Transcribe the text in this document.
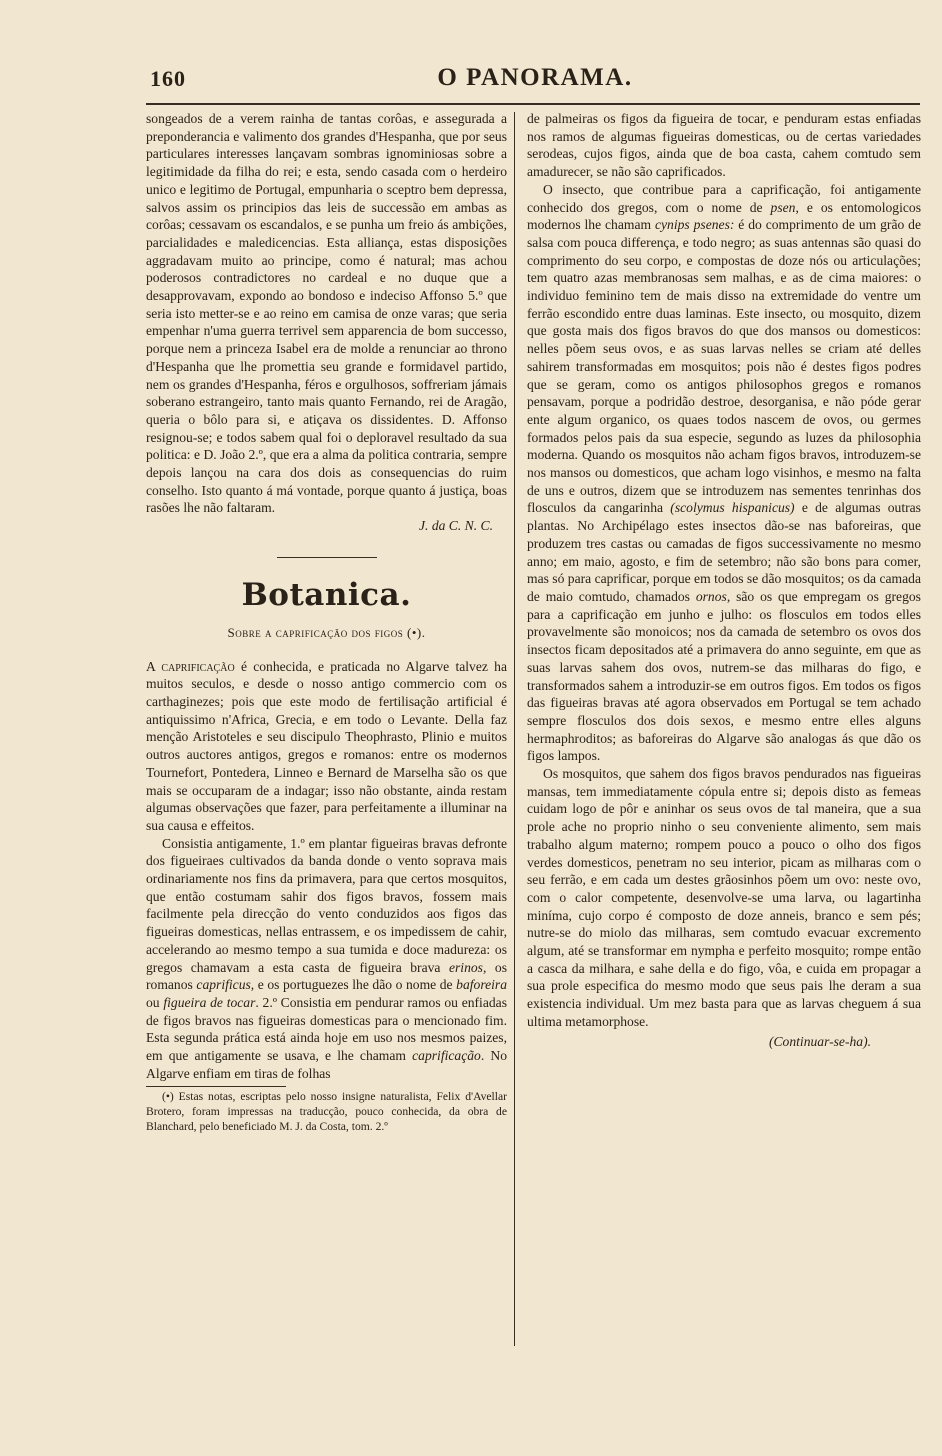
160	O PANORAMA.

songeados de a verem rainha de tantas corôas, e assegurada a preponderancia e valimento dos grandes d'Hespanha, que por seus particulares interesses lançavam sombras ignominiosas sobre a legitimidade da filha do rei; e esta, sendo casada com o herdeiro unico e legitimo de Portugal, empunharia o sceptro bem depressa, salvos assim os principios das leis de successão em ambas as corôas; cessavam os escandalos, e se punha um freio ás ambições, parcialidades e maledicencias. Esta alliança, estas disposições aggradavam muito ao principe, como é natural; mas achou poderosos contradictores no cardeal e no duque que a desapprovavam, expondo ao bondoso e indeciso Affonso 5.º que seria isto metter-se e ao reino em camisa de onze varas; que seria empenhar n'uma guerra terrivel sem apparencia de bom successo, porque nem a princeza Isabel era de molde a renunciar ao throno d'Hespanha que lhe promettia seu grande e formidavel partido, nem os grandes d'Hespanha, féros e orgulhosos, soffreriam jámais soberano estrangeiro, tanto mais quanto Fernando, rei de Aragão, queria o bôlo para si, e atiçava os dissidentes. D. Affonso resignou-se; e todos sabem qual foi o deploravel resultado da sua politica: e D. João 2.º, que era a alma da politica contraria, sempre depois lançou na cara dos dois as consequencias do ruim conselho. Isto quanto á má vontade, porque quanto á justiça, boas rasões lhe não faltaram.

J. da C. N. C.

Botanica.
Sobre a caprificação dos figos (•).

A caprificação é conhecida, e praticada no Algarve talvez ha muitos seculos, e desde o nosso antigo commercio com os carthaginezes; pois que este modo de fertilisação artificial é antiquissimo n'Africa, Grecia, e em todo o Levante. Della faz menção Aristoteles e seu discipulo Theophrasto, Plinio e muitos outros auctores antigos, gregos e romanos: entre os modernos Tournefort, Pontedera, Linneo e Bernard de Marselha são os que mais se occuparam de a indagar; isso não obstante, ainda restam algumas observações que fazer, para perfeitamente a illuminar na sua causa e effeitos.

Consistia antigamente, 1.º em plantar figueiras bravas defronte dos figueiraes cultivados da banda donde o vento soprava mais ordinariamente nos fins da primavera, para que certos mosquitos, que então costumam sahir dos figos bravos, fossem mais facilmente pela direcção do vento conduzidos aos figos das figueiras domesticas, nellas entrassem, e os impedissem de cahir, accelerando ao mesmo tempo a sua tumida e doce madureza: os gregos chamavam a esta casta de figueira brava erinos, os romanos caprificus, e os portuguezes lhe dão o nome de baforeira ou figueira de tocar. 2.º Consistia em pendurar ramos ou enfiadas de figos bravos nas figueiras domesticas para o mencionado fim. Esta segunda prática está ainda hoje em uso nos mesmos paizes, em que antigamente se usava, e lhe chamam caprificação. No Algarve enfiam em tiras de folhas

(•) Estas notas, escriptas pelo nosso insigne naturalista, Felix d'Avellar Brotero, foram impressas na traducção, pouco conhecida, da obra de Blanchard, pelo beneficiado M. J. da Costa, tom. 2.º

de palmeiras os figos da figueira de tocar, e penduram estas enfiadas nos ramos de algumas figueiras domesticas, ou de certas variedades serodeas, cujos figos, ainda que de boa casta, cahem comtudo sem amadurecer, se não são caprificados.

O insecto, que contribue para a caprificação, foi antigamente conhecido dos gregos, com o nome de psen, e os entomologicos modernos lhe chamam cynips psenes: é do comprimento de um grão de salsa com pouca differença, e todo negro; as suas antennas são quasi do comprimento do seu corpo, e compostas de doze nós ou articulações; tem quatro azas membranosas sem malhas, e as de cima maiores: o individuo feminino tem de mais disso na extremidade do ventre um ferrão escondido entre duas laminas. Este insecto, ou mosquito, dizem que gosta mais dos figos bravos do que dos mansos ou domesticos: nelles põem seus ovos, e as suas larvas nelles se criam até delles sahirem transformadas em mosquitos; pois não é destes figos podres que se geram, como os antigos philosophos gregos e romanos pensavam, porque a podridão destroe, desorganisa, e não póde gerar ente algum organico, os quaes todos nascem de ovos, ou germes formados pelos pais da sua especie, segundo as luzes da philosophia moderna. Quando os mosquitos não acham figos bravos, introduzem-se nos mansos ou domesticos, que acham logo visinhos, e mesmo na falta de uns e outros, dizem que se introduzem nas sementes tenrinhas dos flosculos da cangarinha (scolymus hispanicus) e de algumas outras plantas. No Archipélago estes insectos dão-se nas baforeiras, que produzem tres castas ou camadas de figos successivamente no mesmo anno; em maio, agosto, e fim de setembro; não são bons para comer, mas só para caprificar, porque em todos se dão mosquitos; os da camada de maio comtudo, chamados ornos, são os que empregam os gregos para a caprificação em junho e julho: os flosculos em todos elles provavelmente são monoicos; nos da camada de setembro os ovos dos insectos ficam depositados até a primavera do anno seguinte, em que as suas larvas sahem dos ovos, nutrem-se das milharas do figo, e transformados sahem a introduzir-se em outros figos. Em todos os figos das figueiras bravas até agora observados em Portugal se tem achado sempre flosculos dos dois sexos, e mesmo entre elles alguns hermaphroditos; as baforeiras do Algarve são analogas ás que dão os figos lampos.

Os mosquitos, que sahem dos figos bravos pendurados nas figueiras mansas, tem immediatamente cópula entre si; depois disto as femeas cuidam logo de pôr e aninhar os seus ovos de tal maneira, que a sua prole ache no proprio ninho o seu conveniente alimento, sem mais trabalho algum materno; rompem pouco a pouco o olho dos figos verdes domesticos, penetram no seu interior, picam as milharas com o seu ferrão, e em cada um destes grãosinhos põem um ovo: neste ovo, com o calor competente, desenvolve-se uma larva, ou lagartinha miníma, cujo corpo é composto de doze anneis, branco e sem pés; nutre-se do miolo das milharas, sem comtudo evacuar excremento algum, até se transformar em nympha e perfeito mosquito; rompe então a casca da milhara, e sahe della e do figo, vôa, e cuida em propagar a sua prole especifica do mesmo modo que seus pais lhe deram a sua existencia individual. Um mez basta para que as larvas cheguem á sua ultima metamorphose.

(Continuar-se-ha).
